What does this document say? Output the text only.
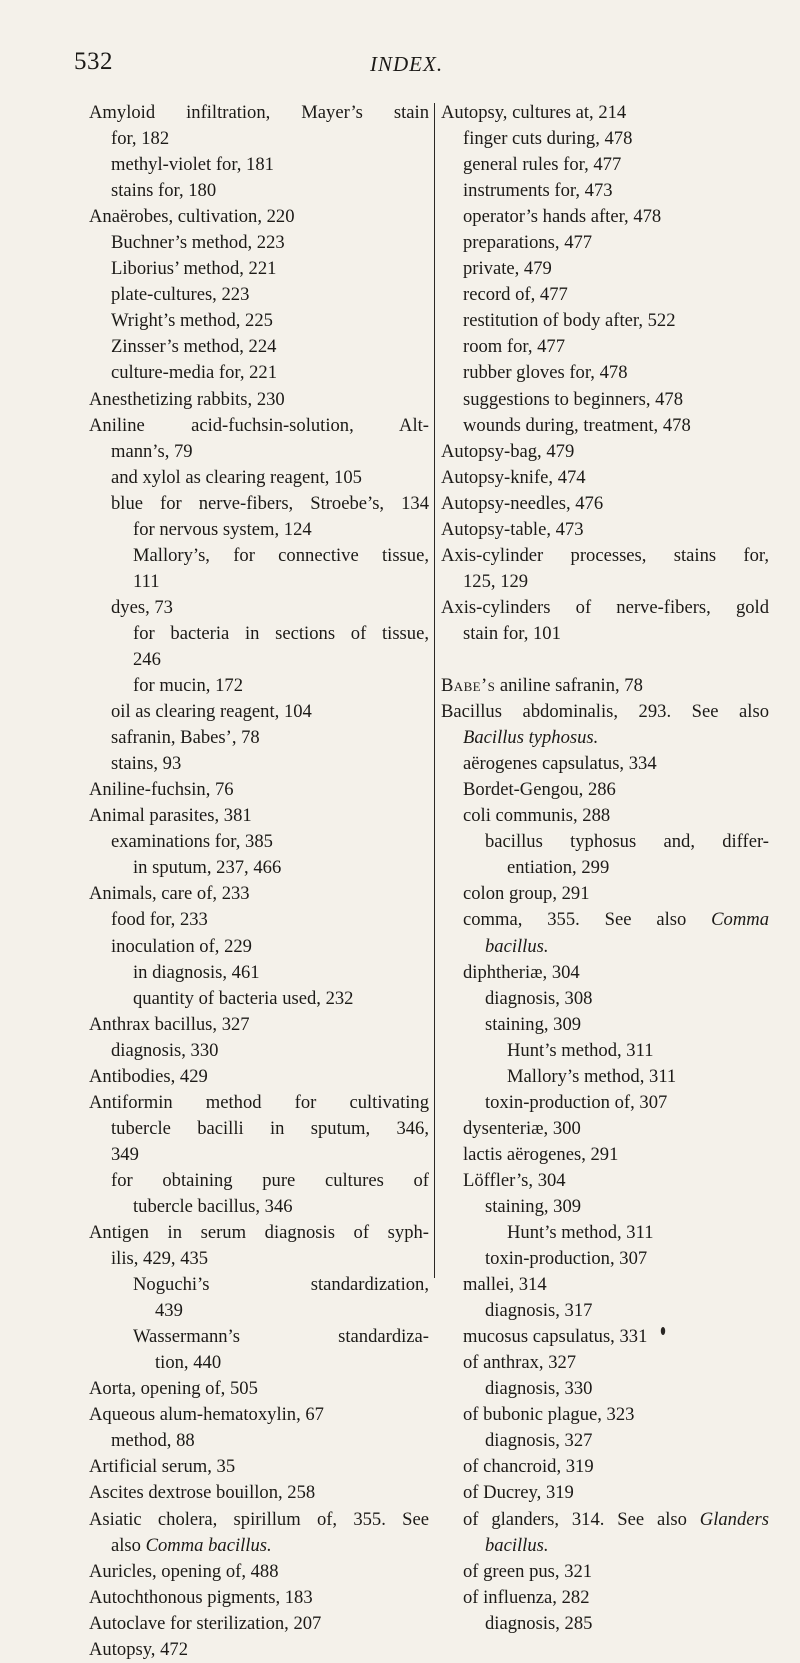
532	INDEX.
Amyloid infiltration, Mayer’s stain
for, 182
methyl-violet for, 181
stains for, 180
Anaërobes, cultivation, 220
Buchner’s method, 223
Liborius’ method, 221
plate-cultures, 223
Wright’s method, 225
Zinsser’s method, 224
culture-media for, 221
Anesthetizing rabbits, 230
Aniline acid-fuchsin-solution, Alt-
mann’s, 79
and xylol as clearing reagent, 105
blue for nerve-fibers, Stroebe’s, 134
for nervous system, 124
Mallory’s, for connective tissue,
111
dyes, 73
for bacteria in sections of tissue,
246
for mucin, 172
oil as clearing reagent, 104
safranin, Babes’, 78
stains, 93
Aniline-fuchsin, 76
Animal parasites, 381
examinations for, 385
in sputum, 237, 466
Animals, care of, 233
food for, 233
inoculation of, 229
in diagnosis, 461
quantity of bacteria used, 232
Anthrax bacillus, 327
diagnosis, 330
Antibodies, 429
Antiformin method for cultivating
tubercle bacilli in sputum, 346,
349
for obtaining pure cultures of
tubercle bacillus, 346
Antigen in serum diagnosis of syph-
ilis, 429, 435
Noguchi’s standardization,
439
Wassermann’s standardiza-
tion, 440
Aorta, opening of, 505
Aqueous alum-hematoxylin, 67
method, 88
Artificial serum, 35
Ascites dextrose bouillon, 258
Asiatic cholera, spirillum of, 355. See
also Comma bacillus.
Auricles, opening of, 488
Autochthonous pigments, 183
Autoclave for sterilization, 207
Autopsy, 472
Autopsy, cultures at, 214
finger cuts during, 478
general rules for, 477
instruments for, 473
operator’s hands after, 478
preparations, 477
private, 479
record of, 477
restitution of body after, 522
room for, 477
rubber gloves for, 478
suggestions to beginners, 478
wounds during, treatment, 478
Autopsy-bag, 479
Autopsy-knife, 474
Autopsy-needles, 476
Autopsy-table, 473
Axis-cylinder processes, stains for,
125, 129
Axis-cylinders of nerve-fibers, gold
stain for, 101
Babe’s aniline safranin, 78
Bacillus abdominalis, 293. See also
Bacillus typhosus.
aërogenes capsulatus, 334
Bordet-Gengou, 286
coli communis, 288
bacillus typhosus and, differ-
entiation, 299
colon group, 291
comma, 355. See also Comma
bacillus.
diphtheriæ, 304
diagnosis, 308
staining, 309
Hunt’s method, 311
Mallory’s method, 311
toxin-production of, 307
dysenteriæ, 300
lactis aërogenes, 291
Löffler’s, 304
staining, 309
Hunt’s method, 311
toxin-production, 307
mallei, 314
diagnosis, 317
mucosus capsulatus, 331
of anthrax, 327
diagnosis, 330
of bubonic plague, 323
diagnosis, 327
of chancroid, 319
of Ducrey, 319
of glanders, 314. See also Glanders
bacillus.
of green pus, 321
of influenza, 282
diagnosis, 285
